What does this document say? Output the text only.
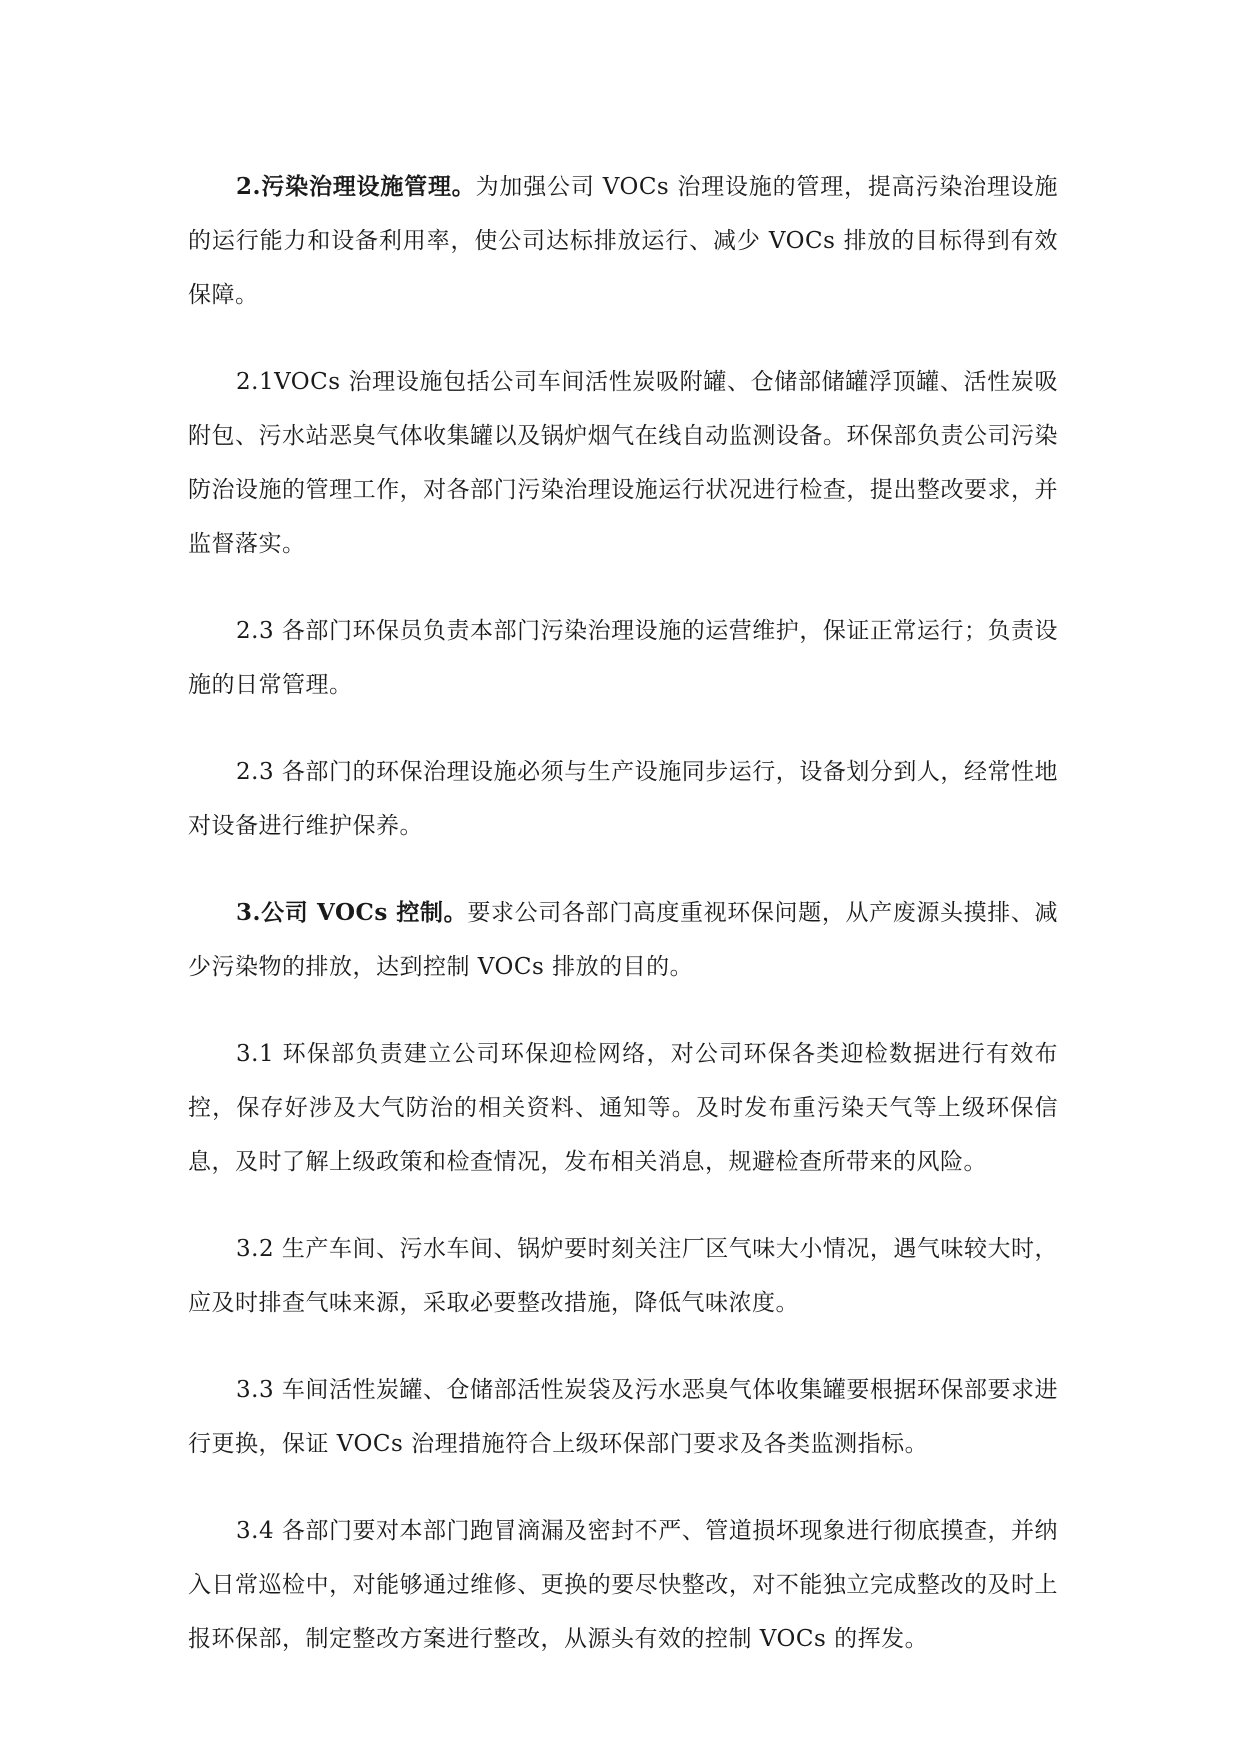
2.污染治理设施管理。为加强公司 VOCs 治理设施的管理，提高污染治理设施的运行能力和设备利用率，使公司达标排放运行、减少 VOCs 排放的目标得到有效保障。

2.1VOCs 治理设施包括公司车间活性炭吸附罐、仓储部储罐浮顶罐、活性炭吸附包、污水站恶臭气体收集罐以及锅炉烟气在线自动监测设备。环保部负责公司污染防治设施的管理工作，对各部门污染治理设施运行状况进行检查，提出整改要求，并监督落实。

2.3 各部门环保员负责本部门污染治理设施的运营维护，保证正常运行；负责设施的日常管理。

2.3 各部门的环保治理设施必须与生产设施同步运行，设备划分到人，经常性地对设备进行维护保养。

3.公司 VOCs 控制。要求公司各部门高度重视环保问题，从产废源头摸排、减少污染物的排放，达到控制 VOCs 排放的目的。

3.1 环保部负责建立公司环保迎检网络，对公司环保各类迎检数据进行有效布控，保存好涉及大气防治的相关资料、通知等。及时发布重污染天气等上级环保信息，及时了解上级政策和检查情况，发布相关消息，规避检查所带来的风险。

3.2 生产车间、污水车间、锅炉要时刻关注厂区气味大小情况，遇气味较大时，应及时排查气味来源，采取必要整改措施，降低气味浓度。

3.3 车间活性炭罐、仓储部活性炭袋及污水恶臭气体收集罐要根据环保部要求进行更换，保证 VOCs 治理措施符合上级环保部门要求及各类监测指标。

3.4 各部门要对本部门跑冒滴漏及密封不严、管道损坏现象进行彻底摸查，并纳入日常巡检中，对能够通过维修、更换的要尽快整改，对不能独立完成整改的及时上报环保部，制定整改方案进行整改，从源头有效的控制 VOCs 的挥发。
